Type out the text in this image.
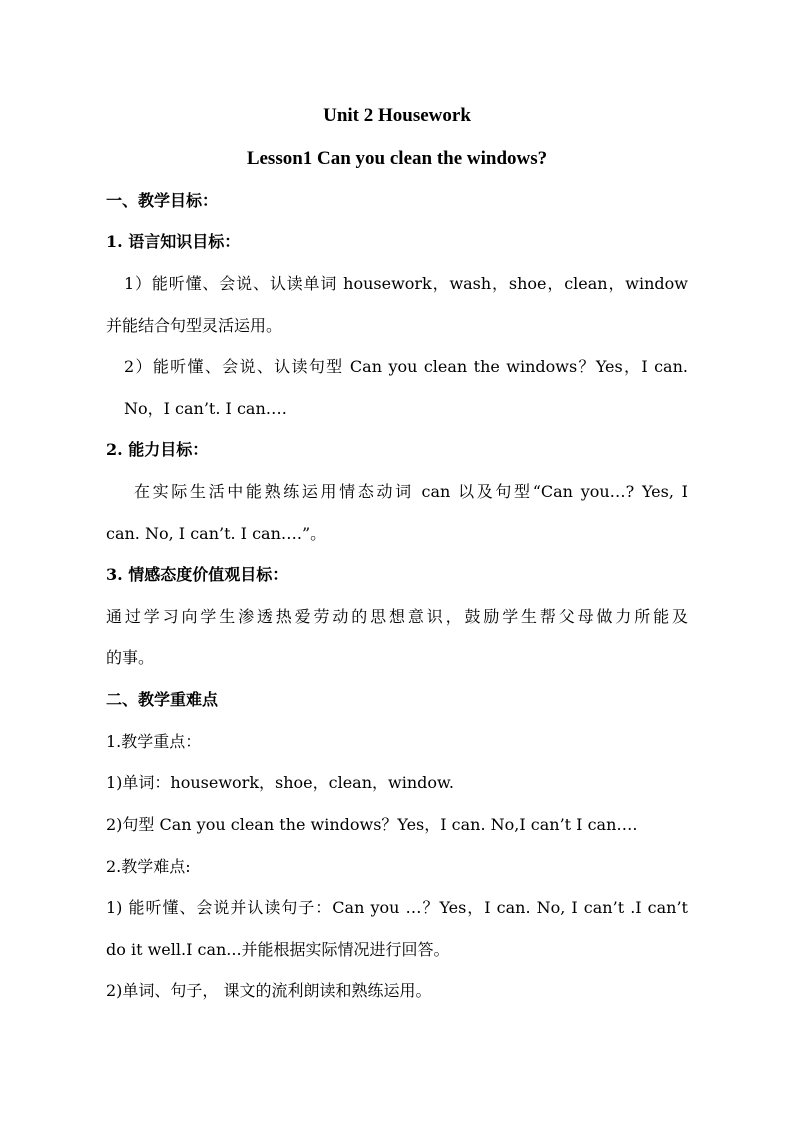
Unit 2 Housework
Lesson1 Can you clean the windows?
一、教学目标：
1. 语言知识目标：
1）能听懂、会说、认读单词 housework，wash，shoe，clean，window
并能结合句型灵活运用。
2）能听懂、会说、认读句型 Can you clean the windows？Yes，I can.
No，I can’t. I can….
2. 能力目标：
在实际生活中能熟练运用情态动词 can 以及句型“Can you…? Yes, I
can. No, I can’t. I can….”。
3. 情感态度价值观目标：
通过学习向学生渗透热爱劳动的思想意识，鼓励学生帮父母做力所能及
的事。
二、教学重难点
1.教学重点：
1)单词：housework，shoe，clean，window.
2)句型 Can you clean the windows？Yes，I can. No,I can’t I can….
2.教学难点:
1) 能听懂、会说并认读句子：Can you …？Yes，I can. No, I can’t .I can’t
do it well.I can...并能根据实际情况进行回答。
2)单词、句子， 课文的流利朗读和熟练运用。
